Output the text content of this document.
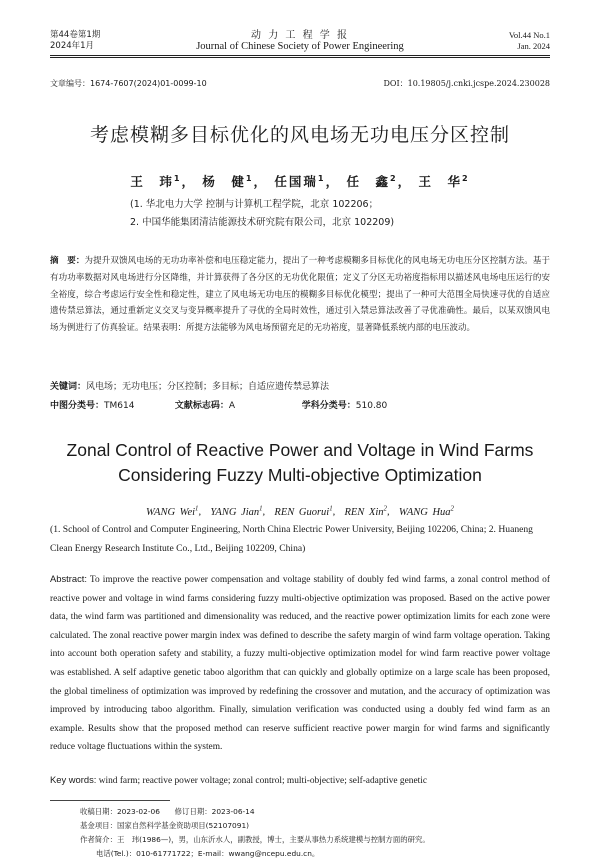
第44卷第1期
2024年1月
动 力 工 程 学 报
Journal of Chinese Society of Power Engineering
Vol.44 No.1
Jan. 2024
文章编号：1674-7607(2024)01-0099-10	DOI：10.19805/j.cnki.jcspe.2024.230028
考虑模糊多目标优化的风电场无功电压分区控制
王　玮$^1$， 杨　健$^1$， 任国瑞$^1$， 任　鑫$^2$， 王　华$^2$
(1. 华北电力大学 控制与计算机工程学院，北京 102206；
2. 中国华能集团清洁能源技术研究院有限公司，北京 102209)
摘　要：为提升双馈风电场的无功功率补偿和电压稳定能力，提出了一种考虑模糊多目标优化的风电场无功电压分区控制方法。基于有功功率数据对风电场进行分区降维，并计算获得了各分区的无功优化限值；定义了分区无功裕度指标用以描述风电场电压运行的安全裕度，综合考虑运行安全性和稳定性，建立了风电场无功电压的模糊多目标优化模型；提出了一种可大范围全局快速寻优的自适应遗传禁忌算法，通过重新定义交叉与变异概率提升了寻优的全局时效性，通过引入禁忌算法改善了寻优准确性。最后，以某双馈风电场为例进行了仿真验证。结果表明：所提方法能够为风电场预留充足的无功裕度，显著降低系统内部的电压波动。
关键词：风电场；无功电压；分区控制；多目标；自适应遗传禁忌算法
中图分类号：TM614	文献标志码：A	学科分类号：510.80
Zonal Control of Reactive Power and Voltage in Wind Farms
Considering Fuzzy Multi-objective Optimization
WANG Wei$^1$,  YANG Jian$^1$,  REN Guorui$^1$,  REN Xin$^2$,  WANG Hua$^2$
(1. School of Control and Computer Engineering, North China Electric Power University, Beijing 102206, China; 2. Huaneng Clean Energy Research Institute Co., Ltd., Beijing 102209, China)
Abstract: To improve the reactive power compensation and voltage stability of doubly fed wind farms, a zonal control method of reactive power and voltage in wind farms considering fuzzy multi-objective optimization was proposed. Based on the active power data, the wind farm was partitioned and dimensionality was reduced, and the reactive power optimization limits for each zone were calculated. The zonal reactive power margin index was defined to describe the safety margin of wind farm voltage operation. Taking into account both operation safety and stability, a fuzzy multi-objective optimization model for wind farm reactive power voltage was established. A self adaptive genetic taboo algorithm that can quickly and globally optimize on a large scale has been proposed, the global timeliness of optimization was improved by redefining the crossover and mutation, and the accuracy of optimization was improved by introducing taboo algorithm. Finally, simulation verification was conducted using a doubly fed wind farm as an example. Results show that the proposed method can reserve sufficient reactive power margin for wind farms and significantly reduce voltage fluctuations within the system.
Key words: wind farm; reactive power voltage; zonal control; multi-objective; self-adaptive genetic
收稿日期：2023-02-06　　修订日期：2023-06-14
基金项目：国家自然科学基金资助项目(52107091)
作者简介：王　玮(1986—)，男，山东沂水人，副教授，博士，主要从事热力系统建模与控制方面的研究。
电话(Tel.)：010-61771722；E-mail：wwang@ncepu.edu.cn。
